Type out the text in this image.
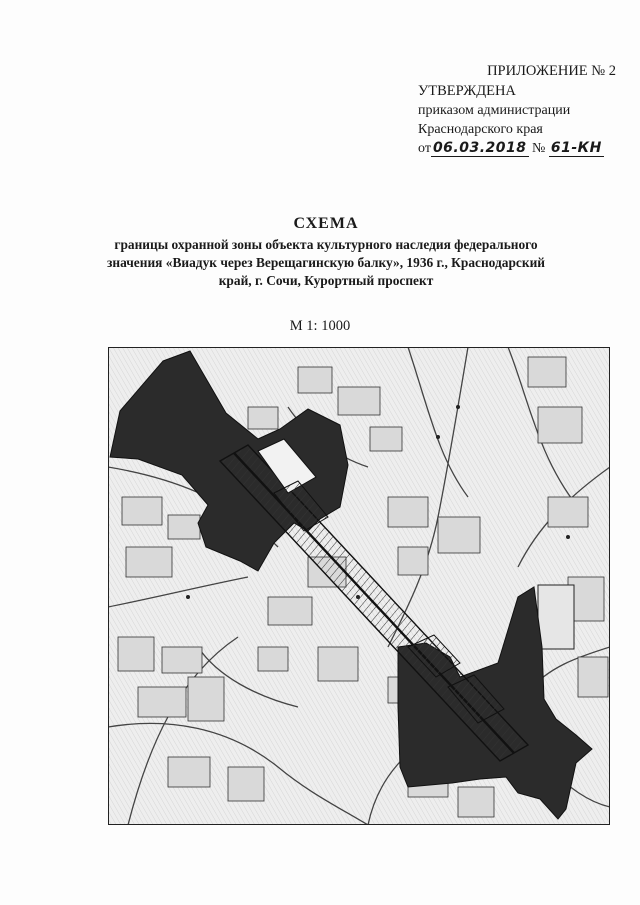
ПРИЛОЖЕНИЕ № 2
УТВЕРЖДЕНА
приказом администрации
Краснодарского края
от 06.03.2018 № 61-КН
СХЕМА
границы охранной зоны объекта культурного наследия федерального
значения «Виадук через Верещагинскую балку», 1936 г., Краснодарский
край, г. Сочи, Курортный проспект
М 1: 1000
